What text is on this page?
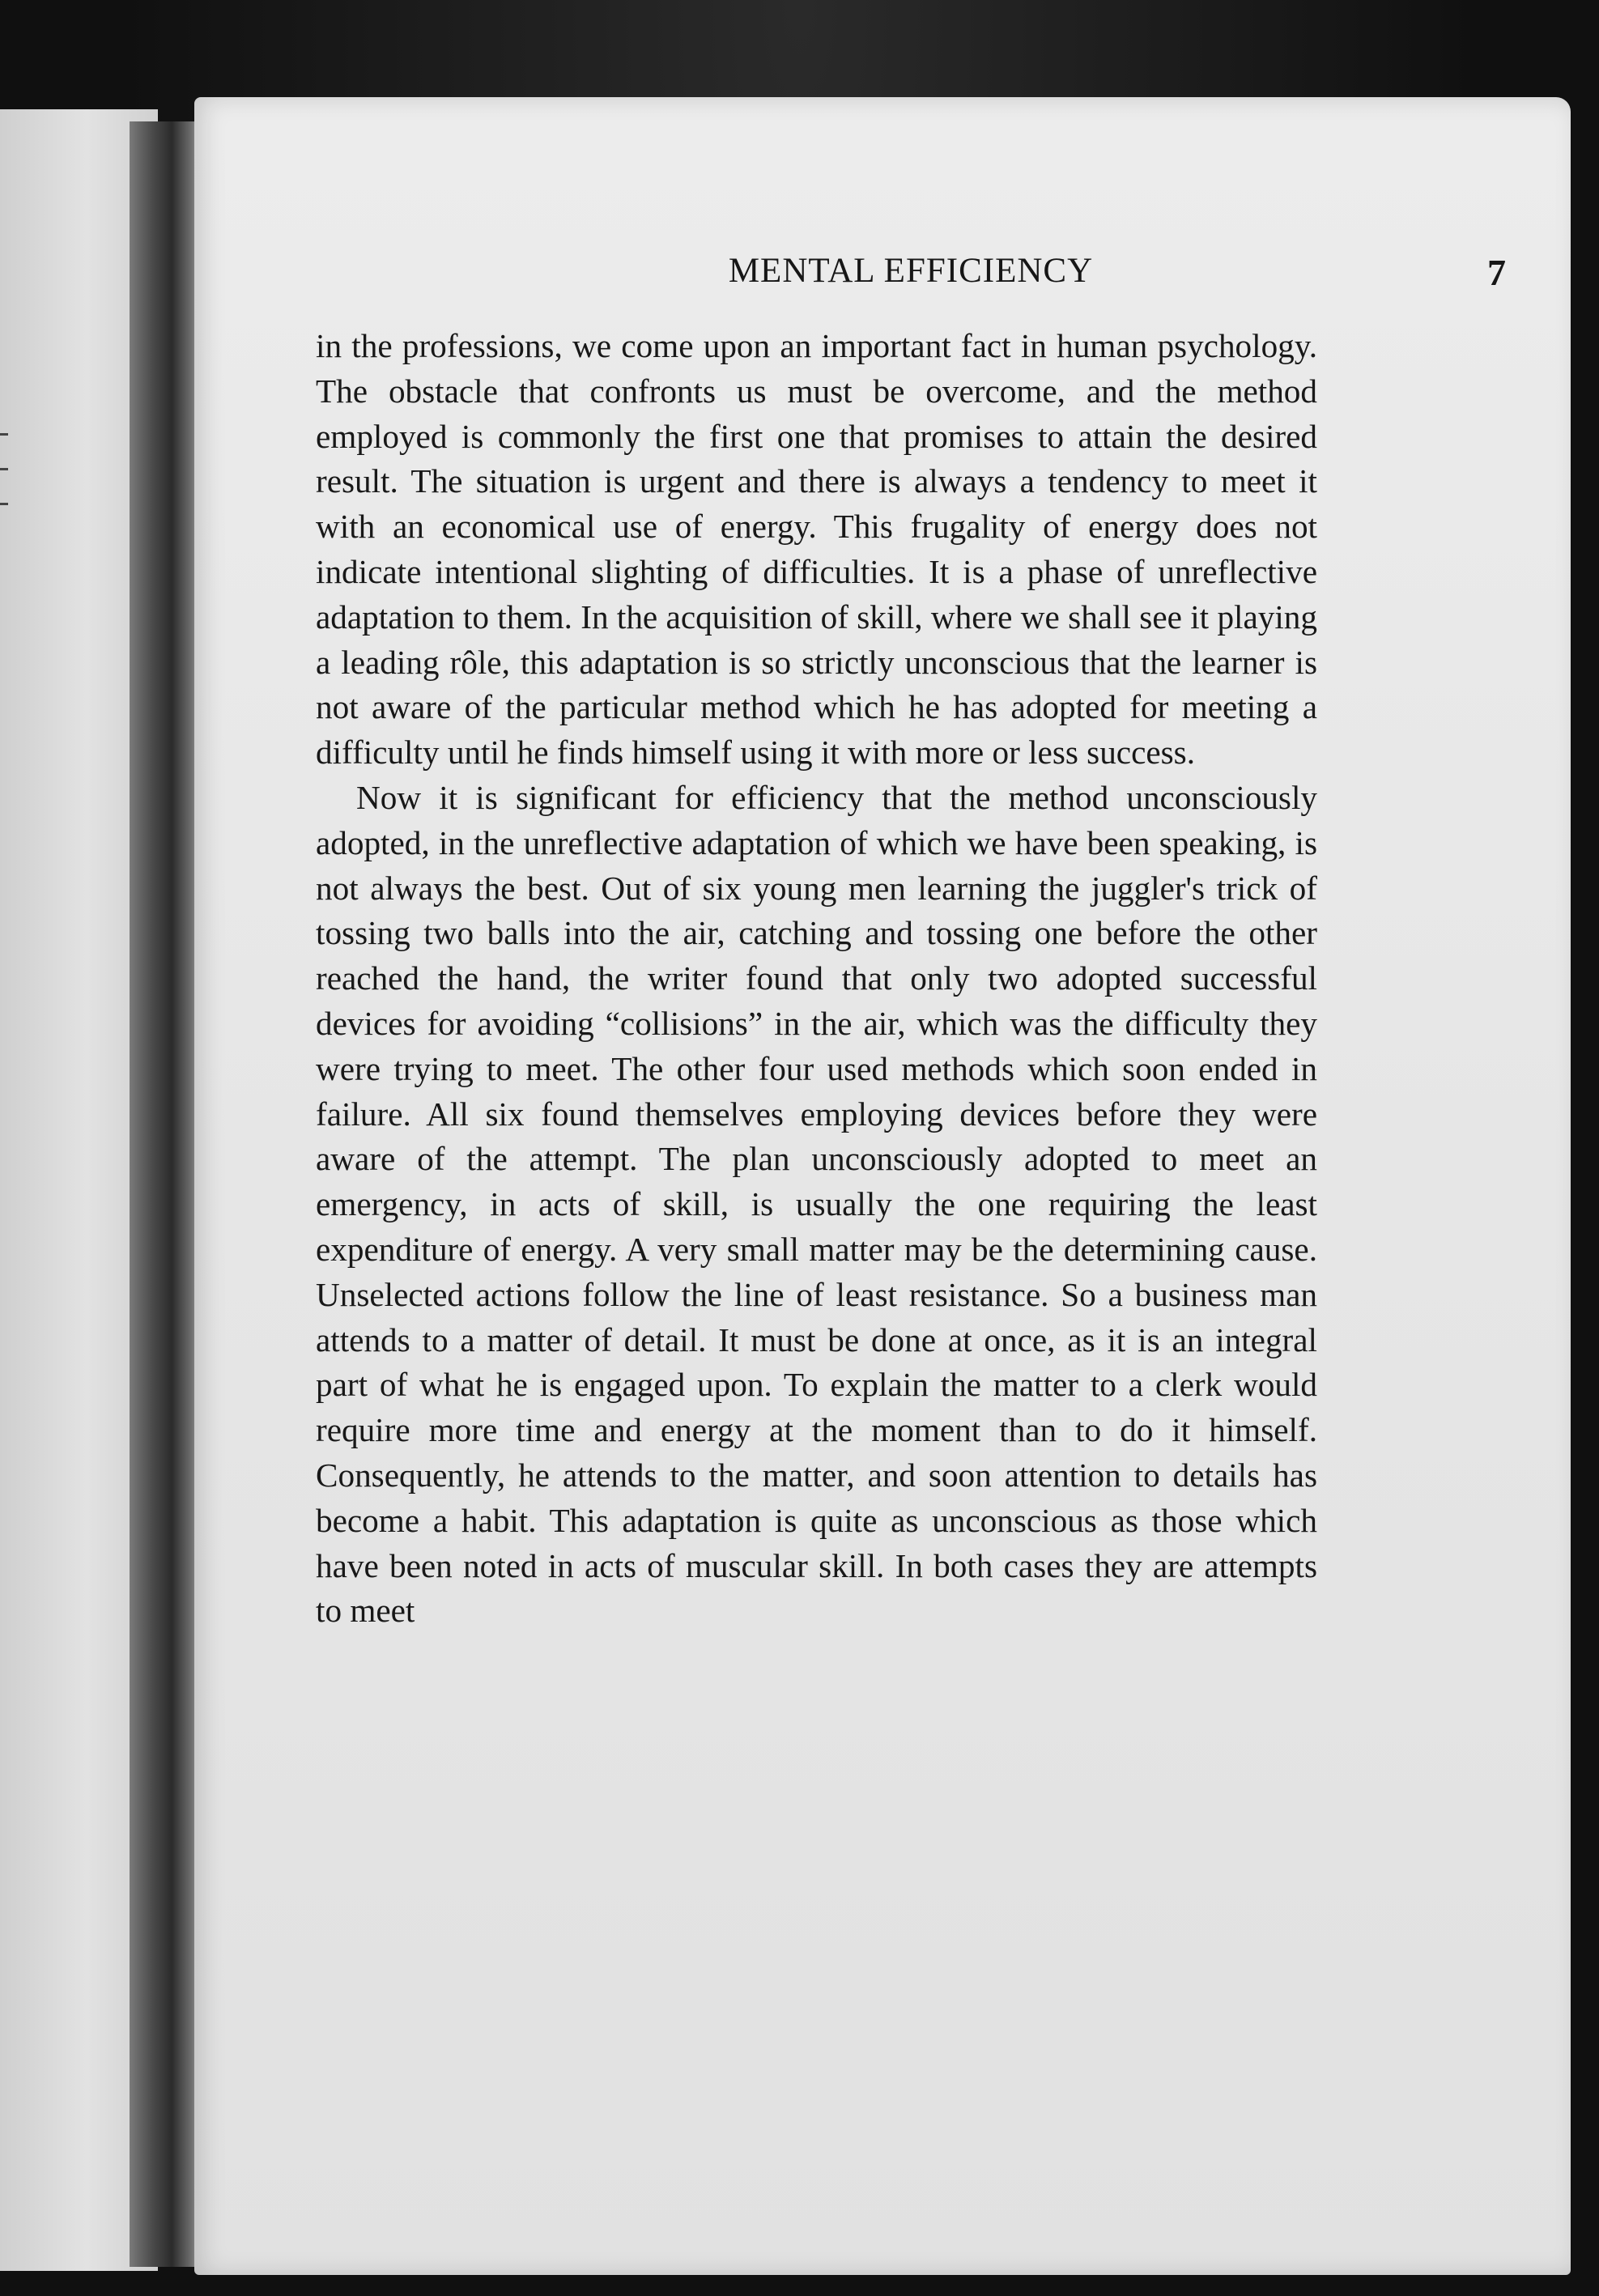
MENTAL EFFICIENCY	7

in the professions, we come upon an important fact in human psychology. The obstacle that confronts us must be overcome, and the method employed is commonly the first one that promises to attain the desired result. The situation is urgent and there is always a tendency to meet it with an economical use of energy. This frugality of energy does not indicate intentional slighting of difficulties. It is a phase of unreflective adaptation to them. In the acquisition of skill, where we shall see it playing a leading rôle, this adaptation is so strictly unconscious that the learner is not aware of the particular method which he has adopted for meeting a difficulty until he finds himself using it with more or less success.

Now it is significant for efficiency that the method unconsciously adopted, in the unreflective adaptation of which we have been speaking, is not always the best. Out of six young men learning the juggler's trick of tossing two balls into the air, catching and tossing one before the other reached the hand, the writer found that only two adopted successful devices for avoiding “collisions” in the air, which was the difficulty they were trying to meet. The other four used methods which soon ended in failure. All six found themselves employing devices before they were aware of the attempt. The plan unconsciously adopted to meet an emergency, in acts of skill, is usually the one requiring the least expenditure of energy. A very small matter may be the determining cause. Unselected actions follow the line of least resistance. So a business man attends to a matter of detail. It must be done at once, as it is an integral part of what he is engaged upon. To explain the matter to a clerk would require more time and energy at the moment than to do it himself. Consequently, he attends to the matter, and soon attention to details has become a habit. This adaptation is quite as unconscious as those which have been noted in acts of muscular skill. In both cases they are attempts to meet
